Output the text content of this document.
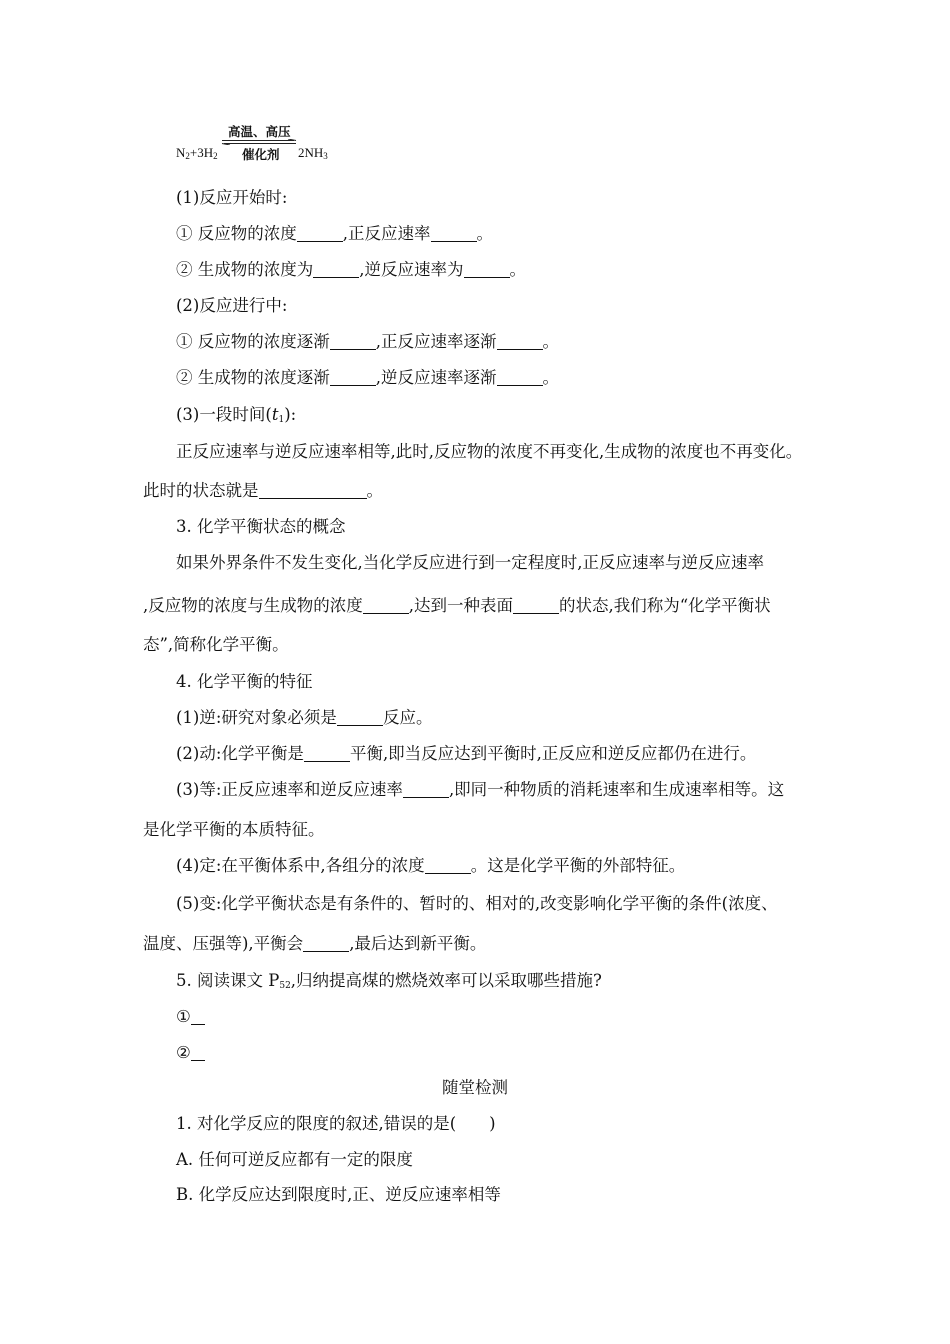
高温、高压
$N_2+3H_2$ 催化剂 $2NH_3$
(1)反应开始时:
① 反应物的浓度	,正反应速率	。
② 生成物的浓度为	,逆反应速率为	。
(2)反应进行中:
① 反应物的浓度逐渐	,正反应速率逐渐	。
② 生成物的浓度逐渐	,逆反应速率逐渐	。
(3)一段时间$(t_1)$:
正反应速率与逆反应速率相等,此时,反应物的浓度不再变化,生成物的浓度也不再变化。
此时的状态就是	。
3. 化学平衡状态的概念
如果外界条件不发生变化,当化学反应进行到一定程度时,正反应速率与逆反应速率
,反应物的浓度与生成物的浓度	,达到一种表面	的状态,我们称为“化学平衡状
态”,简称化学平衡。
4. 化学平衡的特征
(1)逆:研究对象必须是	反应。
(2)动:化学平衡是	平衡,即当反应达到平衡时,正反应和逆反应都仍在进行。
(3)等:正反应速率和逆反应速率	,即同一种物质的消耗速率和生成速率相等。这
是化学平衡的本质特征。
(4)定:在平衡体系中,各组分的浓度	。这是化学平衡的外部特征。
(5)变:化学平衡状态是有条件的、暂时的、相对的,改变影响化学平衡的条件(浓度、
温度、压强等),平衡会	,最后达到新平衡。
5. 阅读课文 $P_{52}$,归纳提高煤的燃烧效率可以采取哪些措施?
①
②
随堂检测
1. 对化学反应的限度的叙述,错误的是(　　)
A. 任何可逆反应都有一定的限度
B. 化学反应达到限度时,正、逆反应速率相等
